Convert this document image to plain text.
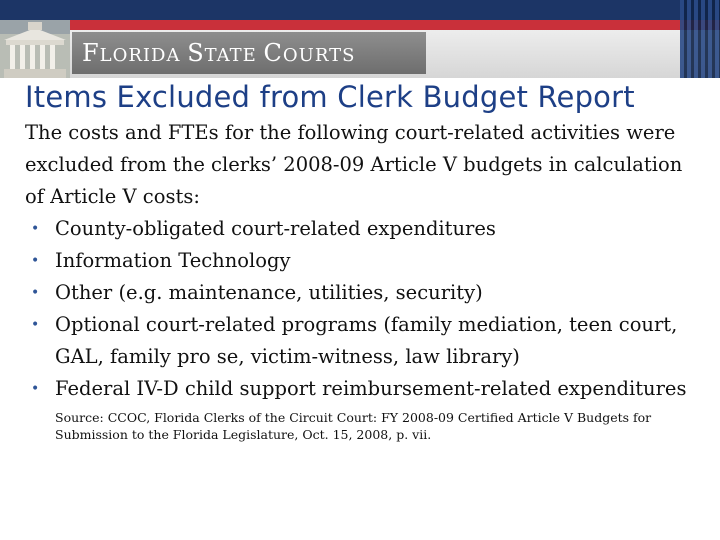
FLORIDA STATE COURTS
Items Excluded from Clerk Budget Report

The costs and FTEs for the following court-related activities were excluded from the clerks’ 2008-09 Article V budgets in calculation of Article V costs:

• County-obligated court-related expenditures
• Information Technology
• Other (e.g. maintenance, utilities, security)
• Optional court-related programs (family mediation, teen court, GAL, family pro se, victim-witness, law library)
• Federal IV-D child support reimbursement-related expenditures

Source: CCOC, Florida Clerks of the Circuit Court: FY 2008-09 Certified Article V Budgets for Submission to the Florida Legislature, Oct. 15, 2008, p. vii.
